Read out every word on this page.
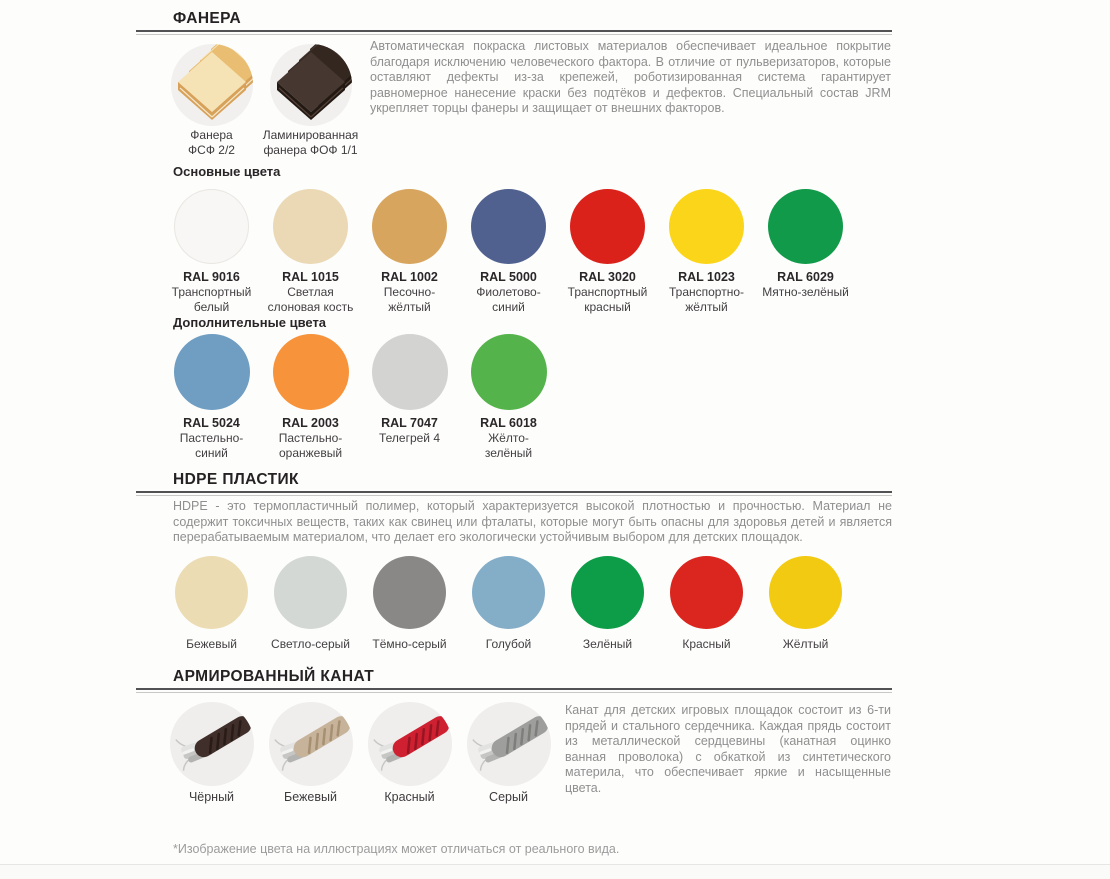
ФАНЕРА
Фанера
ФСФ 2/2
Ламинированная
фанера ФОФ 1/1
Автоматическая покраска листовых материалов обеспечивает идеальное покрытие благодаря исключению человеческого фактора. В отличие от пульверизаторов, которые оставляют дефекты из-за крепежей, роботизированная система гарантирует равномерное нанесение краски без подтёков и дефектов. Специальный состав JRM укрепляет торцы фанеры и защищает от внешних факторов.
Основные цвета
RAL 9016
Транспортный
белый
RAL 1015
Светлая
слоновая кость
RAL 1002
Песочно-
жёлтый
RAL 5000
Фиолетово-
синий
RAL 3020
Транспортный
красный
RAL 1023
Транспортно-
жёлтый
RAL 6029
Мятно-зелёный
Дополнительные цвета
RAL 5024
Пастельно-
синий
RAL 2003
Пастельно-
оранжевый
RAL 7047
Телегрей 4
RAL 6018
Жёлто-
зелёный
HDPE ПЛАСТИК
HDPE - это термопластичный полимер, который характеризуется высокой плотностью и прочностью. Материал не содержит токсичных веществ, таких как свинец или фталаты, которые могут быть опасны для здоровья детей и является перерабатываемым материалом, что делает его экологически устойчивым выбором для детских площадок.
Бежевый	Светло-серый Тёмно-серый	Голубой	Зелёный	Красный	Жёлтый
АРМИРОВАННЫЙ КАНАТ
Чёрный	Бежевый	Красный	Серый
Канат для детских игровых площадок состоит из 6-ти прядей и стального сердечника. Каждая прядь состоит из металлической сердцевины (канатная оцинко ванная проволока) с обкаткой из синтетического материла, что обеспечивает яркие и насыщенные цвета.
*Изображение цвета на иллюстрациях может отличаться от реального вида.
